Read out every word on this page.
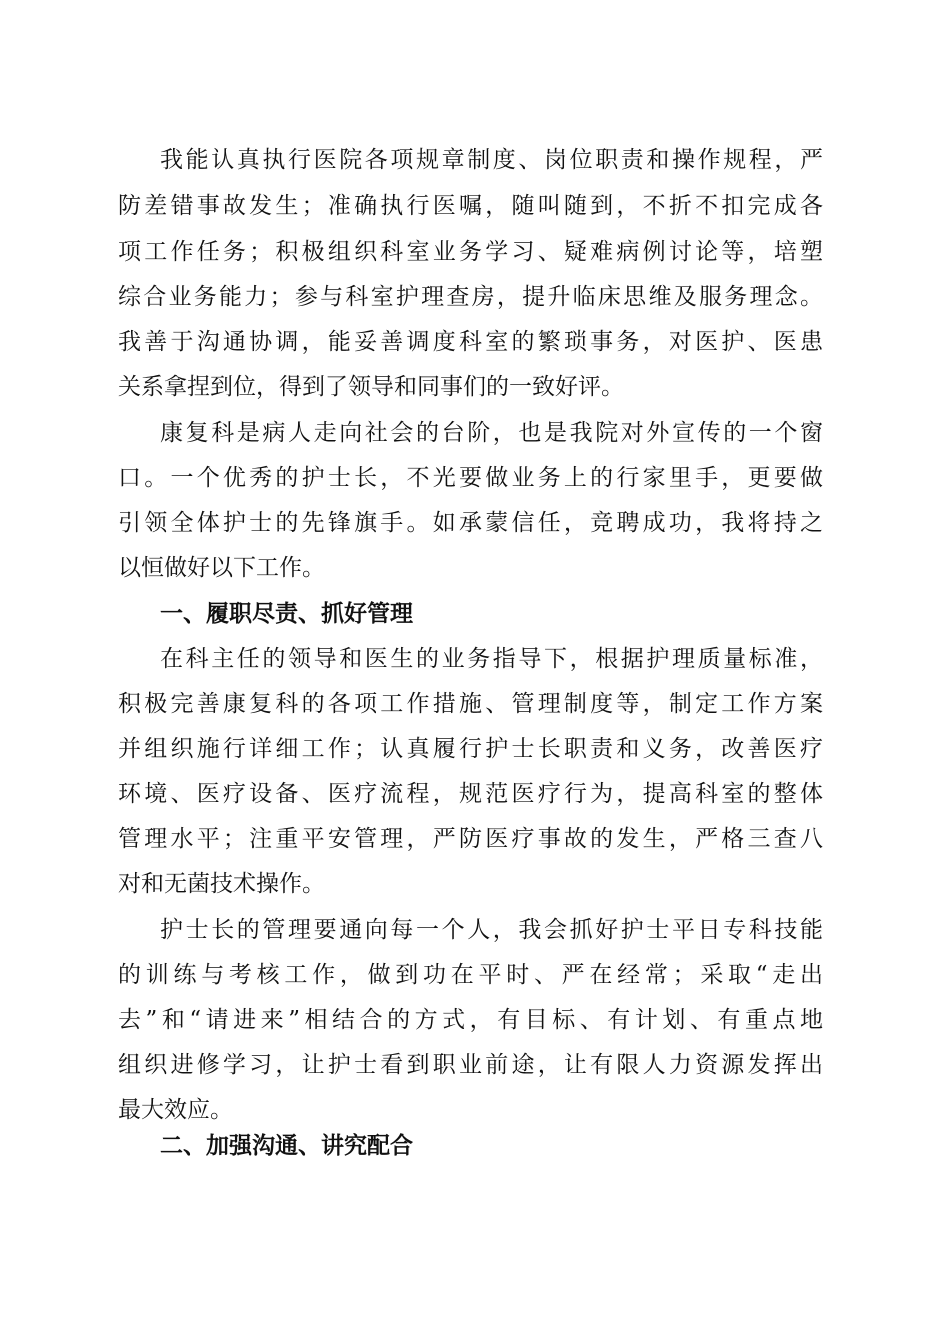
我能认真执行医院各项规章制度、岗位职责和操作规程，严
防差错事故发生；准确执行医嘱，随叫随到，不折不扣完成各
项工作任务；积极组织科室业务学习、疑难病例讨论等，培塑
综合业务能力；参与科室护理查房，提升临床思维及服务理念。
我善于沟通协调，能妥善调度科室的繁琐事务，对医护、医患
关系拿捏到位，得到了领导和同事们的一致好评。
康复科是病人走向社会的台阶，也是我院对外宣传的一个窗
口。一个优秀的护士长，不光要做业务上的行家里手，更要做
引领全体护士的先锋旗手。如承蒙信任，竞聘成功，我将持之
以恒做好以下工作。
一、履职尽责、抓好管理
在科主任的领导和医生的业务指导下，根据护理质量标准，
积极完善康复科的各项工作措施、管理制度等，制定工作方案
并组织施行详细工作；认真履行护士长职责和义务，改善医疗
环境、医疗设备、医疗流程，规范医疗行为，提高科室的整体
管理水平；注重平安管理，严防医疗事故的发生，严格三查八
对和无菌技术操作。
护士长的管理要通向每一个人，我会抓好护士平日专科技能
的训练与考核工作，做到功在平时、严在经常；采取“走出
去”和“请进来”相结合的方式，有目标、有计划、有重点地
组织进修学习，让护士看到职业前途，让有限人力资源发挥出
最大效应。
二、加强沟通、讲究配合
